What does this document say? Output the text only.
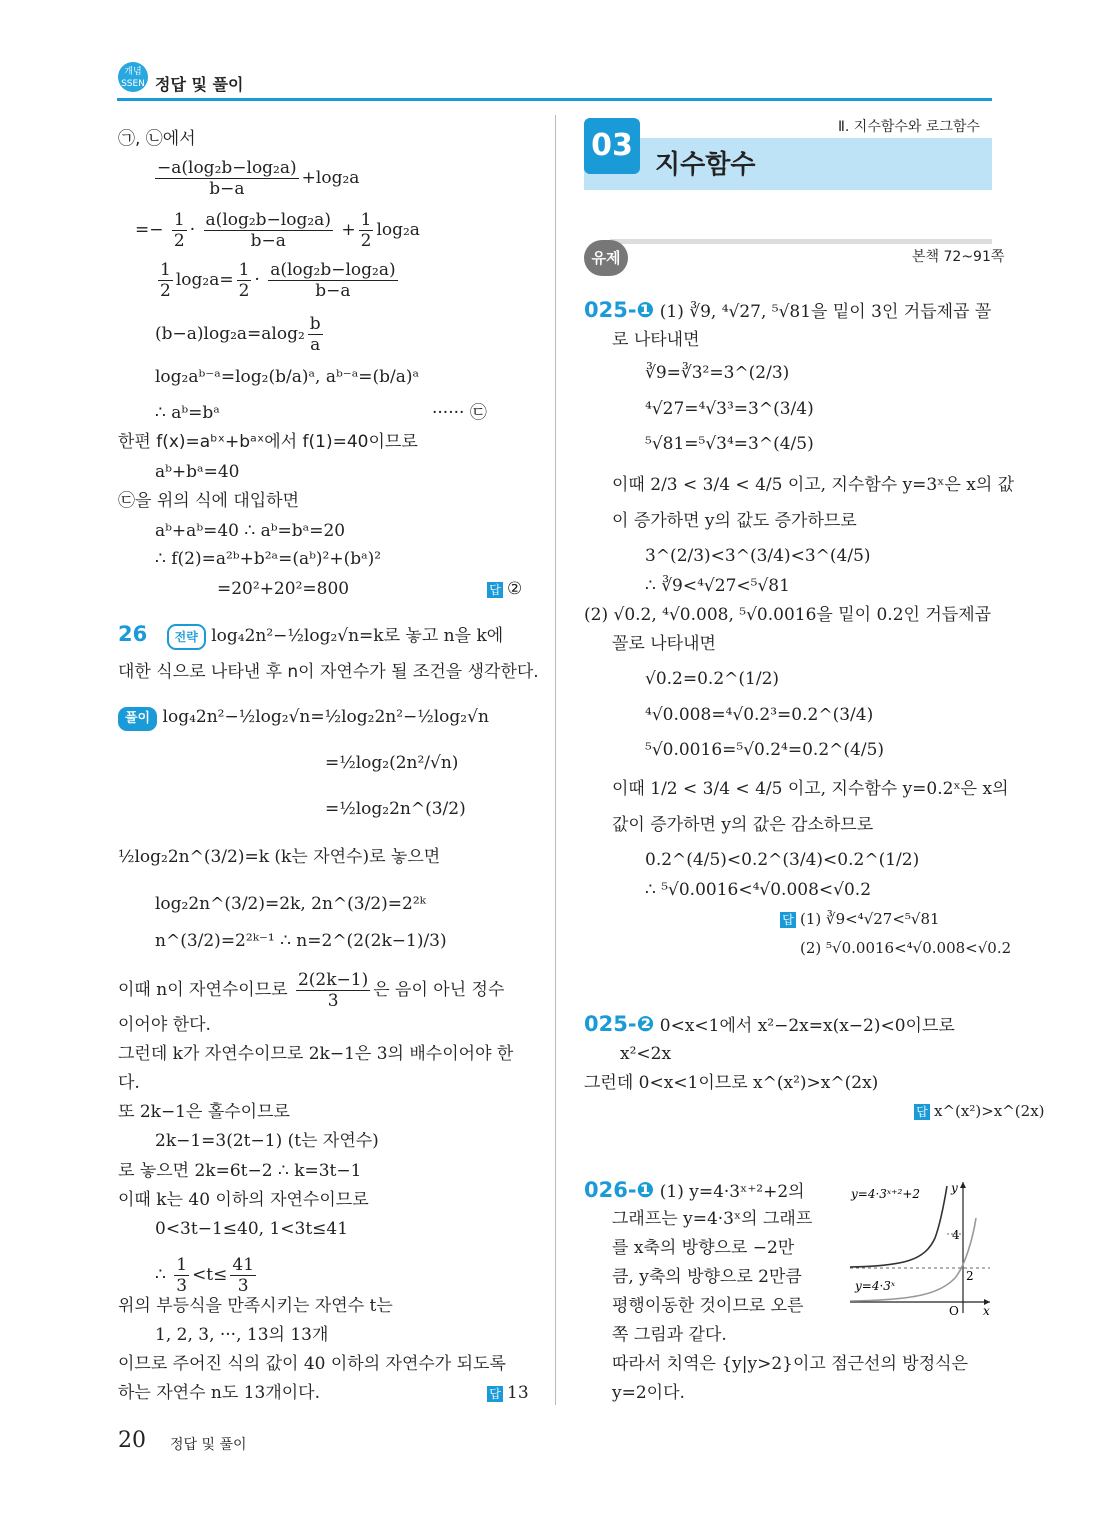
개념
SSEN 정답 및 풀이
㉠, ㉡에서
$\frac{\text{−a(log₂b−log₂a)}}{b-a} +\log_2a$
=− $\frac{1}{2} \cdot \frac{\text{a(log₂b−log₂a)}}{b-a} + \frac{1}{2} \log_2a$
$\frac{1}{2} \log_2a= \frac{1}{2} \cdot \frac{\text{a(log₂b−log₂a)}}{b-a}$
$(b-a)\log_2a=alog_2 \frac{b}{a}$
log₂aᵇ⁻ᵃ=log₂(b/a)ᵃ, aᵇ⁻ᵃ=(b/a)ᵃ
∴ aᵇ=bᵃ	······ ㉢
한편 f(x)=aᵇˣ+bᵃˣ에서 f(1)=40이므로
aᵇ+bᵃ=40
㉢을 위의 식에 대입하면
aᵇ+aᵇ=40 ∴ aᵇ=bᵃ=20
∴ f(2)=a²ᵇ+b²ᵃ=(aᵇ)²+(bᵃ)²
=20²+20²=800	답 ②
26 전략 log₄2n²−½log₂√n=k로 놓고 n을 k에
대한 식으로 나타낸 후 n이 자연수가 될 조건을 생각한다.
풀이 log₄2n²−½log₂√n=½log₂2n²−½log₂√n
=½log₂(2n²/√n)
=½log₂2n^(3/2)
½log₂2n^(3/2)=k (k는 자연수)로 놓으면
log₂2n^(3/2)=2k, 2n^(3/2)=2²ᵏ
n^(3/2)=2²ᵏ⁻¹ ∴ n=2^(2(2k−1)/3)
이때 n이 자연수이므로 $\frac{2(2k-1)}{3}$ 은 음이 아닌 정수
이어야 한다.
그런데 k가 자연수이므로 2k−1은 3의 배수이어야 한
다.
또 2k−1은 홀수이므로
2k−1=3(2t−1) (t는 자연수)
로 놓으면 2k=6t−2 ∴ k=3t−1
이때 k는 40 이하의 자연수이므로
0<3t−1≤40, 1<3t≤41
∴ $\frac{1}{3} <t\le \frac{41}{3}$
위의 부등식을 만족시키는 자연수 t는
1, 2, 3, ···, 13의 13개
이므로 주어진 식의 값이 40 이하의 자연수가 되도록
하는 자연수 n도 13개이다.	답 13
Ⅱ. 지수함수와 로그함수
03
지수함수
유제	본책 72~91쪽
025-❶ (1) ∛9, ⁴√27, ⁵√81을 밑이 3인 거듭제곱 꼴
로 나타내면
∛9=∛3²=3^(2/3)
⁴√27=⁴√3³=3^(3/4)
⁵√81=⁵√3⁴=3^(4/5)
이때 2/3 < 3/4 < 4/5 이고, 지수함수 y=3ˣ은 x의 값
이 증가하면 y의 값도 증가하므로
3^(2/3)<3^(3/4)<3^(4/5)
∴ ∛9<⁴√27<⁵√81
(2) √0.2, ⁴√0.008, ⁵√0.0016을 밑이 0.2인 거듭제곱
꼴로 나타내면
√0.2=0.2^(1/2)
⁴√0.008=⁴√0.2³=0.2^(3/4)
⁵√0.0016=⁵√0.2⁴=0.2^(4/5)
이때 1/2 < 3/4 < 4/5 이고, 지수함수 y=0.2ˣ은 x의
값이 증가하면 y의 값은 감소하므로
0.2^(4/5)<0.2^(3/4)<0.2^(1/2)
∴ ⁵√0.0016<⁴√0.008<√0.2
답 (1) ∛9<⁴√27<⁵√81
(2) ⁵√0.0016<⁴√0.008<√0.2
025-❷ 0<x<1에서 x²−2x=x(x−2)<0이므로
x²<2x
그런데 0<x<1이므로 x^(x²)>x^(2x)
답 x^(x²)>x^(2x)
026-❶ (1) y=4·3ˣ⁺²+2의
그래프는 y=4·3ˣ의 그래프
를 x축의 방향으로 −2만
큼, y축의 방향으로 2만큼
평행이동한 것이므로 오른
쪽 그림과 같다.
따라서 치역은 {y|y>2}이고 점근선의 방정식은
y=2이다.
y=4·3ˣ⁺²+2
y=4·3ˣ
y
x
O
4
2
20 정답 및 풀이
